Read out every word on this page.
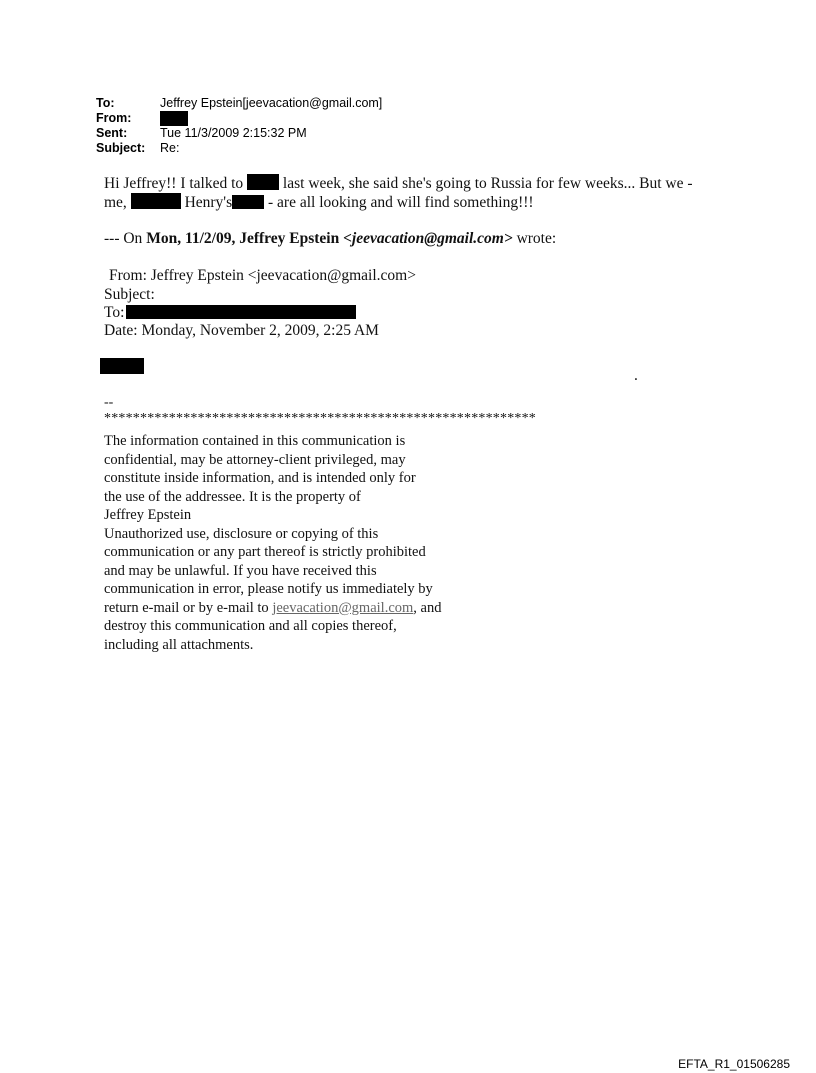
To:	Jeffrey Epstein[jeevacation@gmail.com]
From:
Sent:	Tue 11/3/2009 2:15:32 PM
Subject:	Re:
Hi Jeffrey!! I talked to	last week, she said she's going to Russia for few weeks... But we -
me,	Henry's - are all looking and will find something!!!
--- On Mon, 11/2/09, Jeffrey Epstein <jeevacation@gmail.com> wrote:
From: Jeffrey Epstein <jeevacation@gmail.com>
Subject:
To:
Date: Monday, November 2, 2009, 2:25 AM
.
--
************************************************************
The information contained in this communication is
confidential, may be attorney-client privileged, may
constitute inside information, and is intended only for
the use of the addressee. It is the property of
Jeffrey Epstein
Unauthorized use, disclosure or copying of this
communication or any part thereof is strictly prohibited
and may be unlawful. If you have received this
communication in error, please notify us immediately by
return e-mail or by e-mail to jeevacation@gmail.com, and
destroy this communication and all copies thereof,
including all attachments.
EFTA_R1_01506285
